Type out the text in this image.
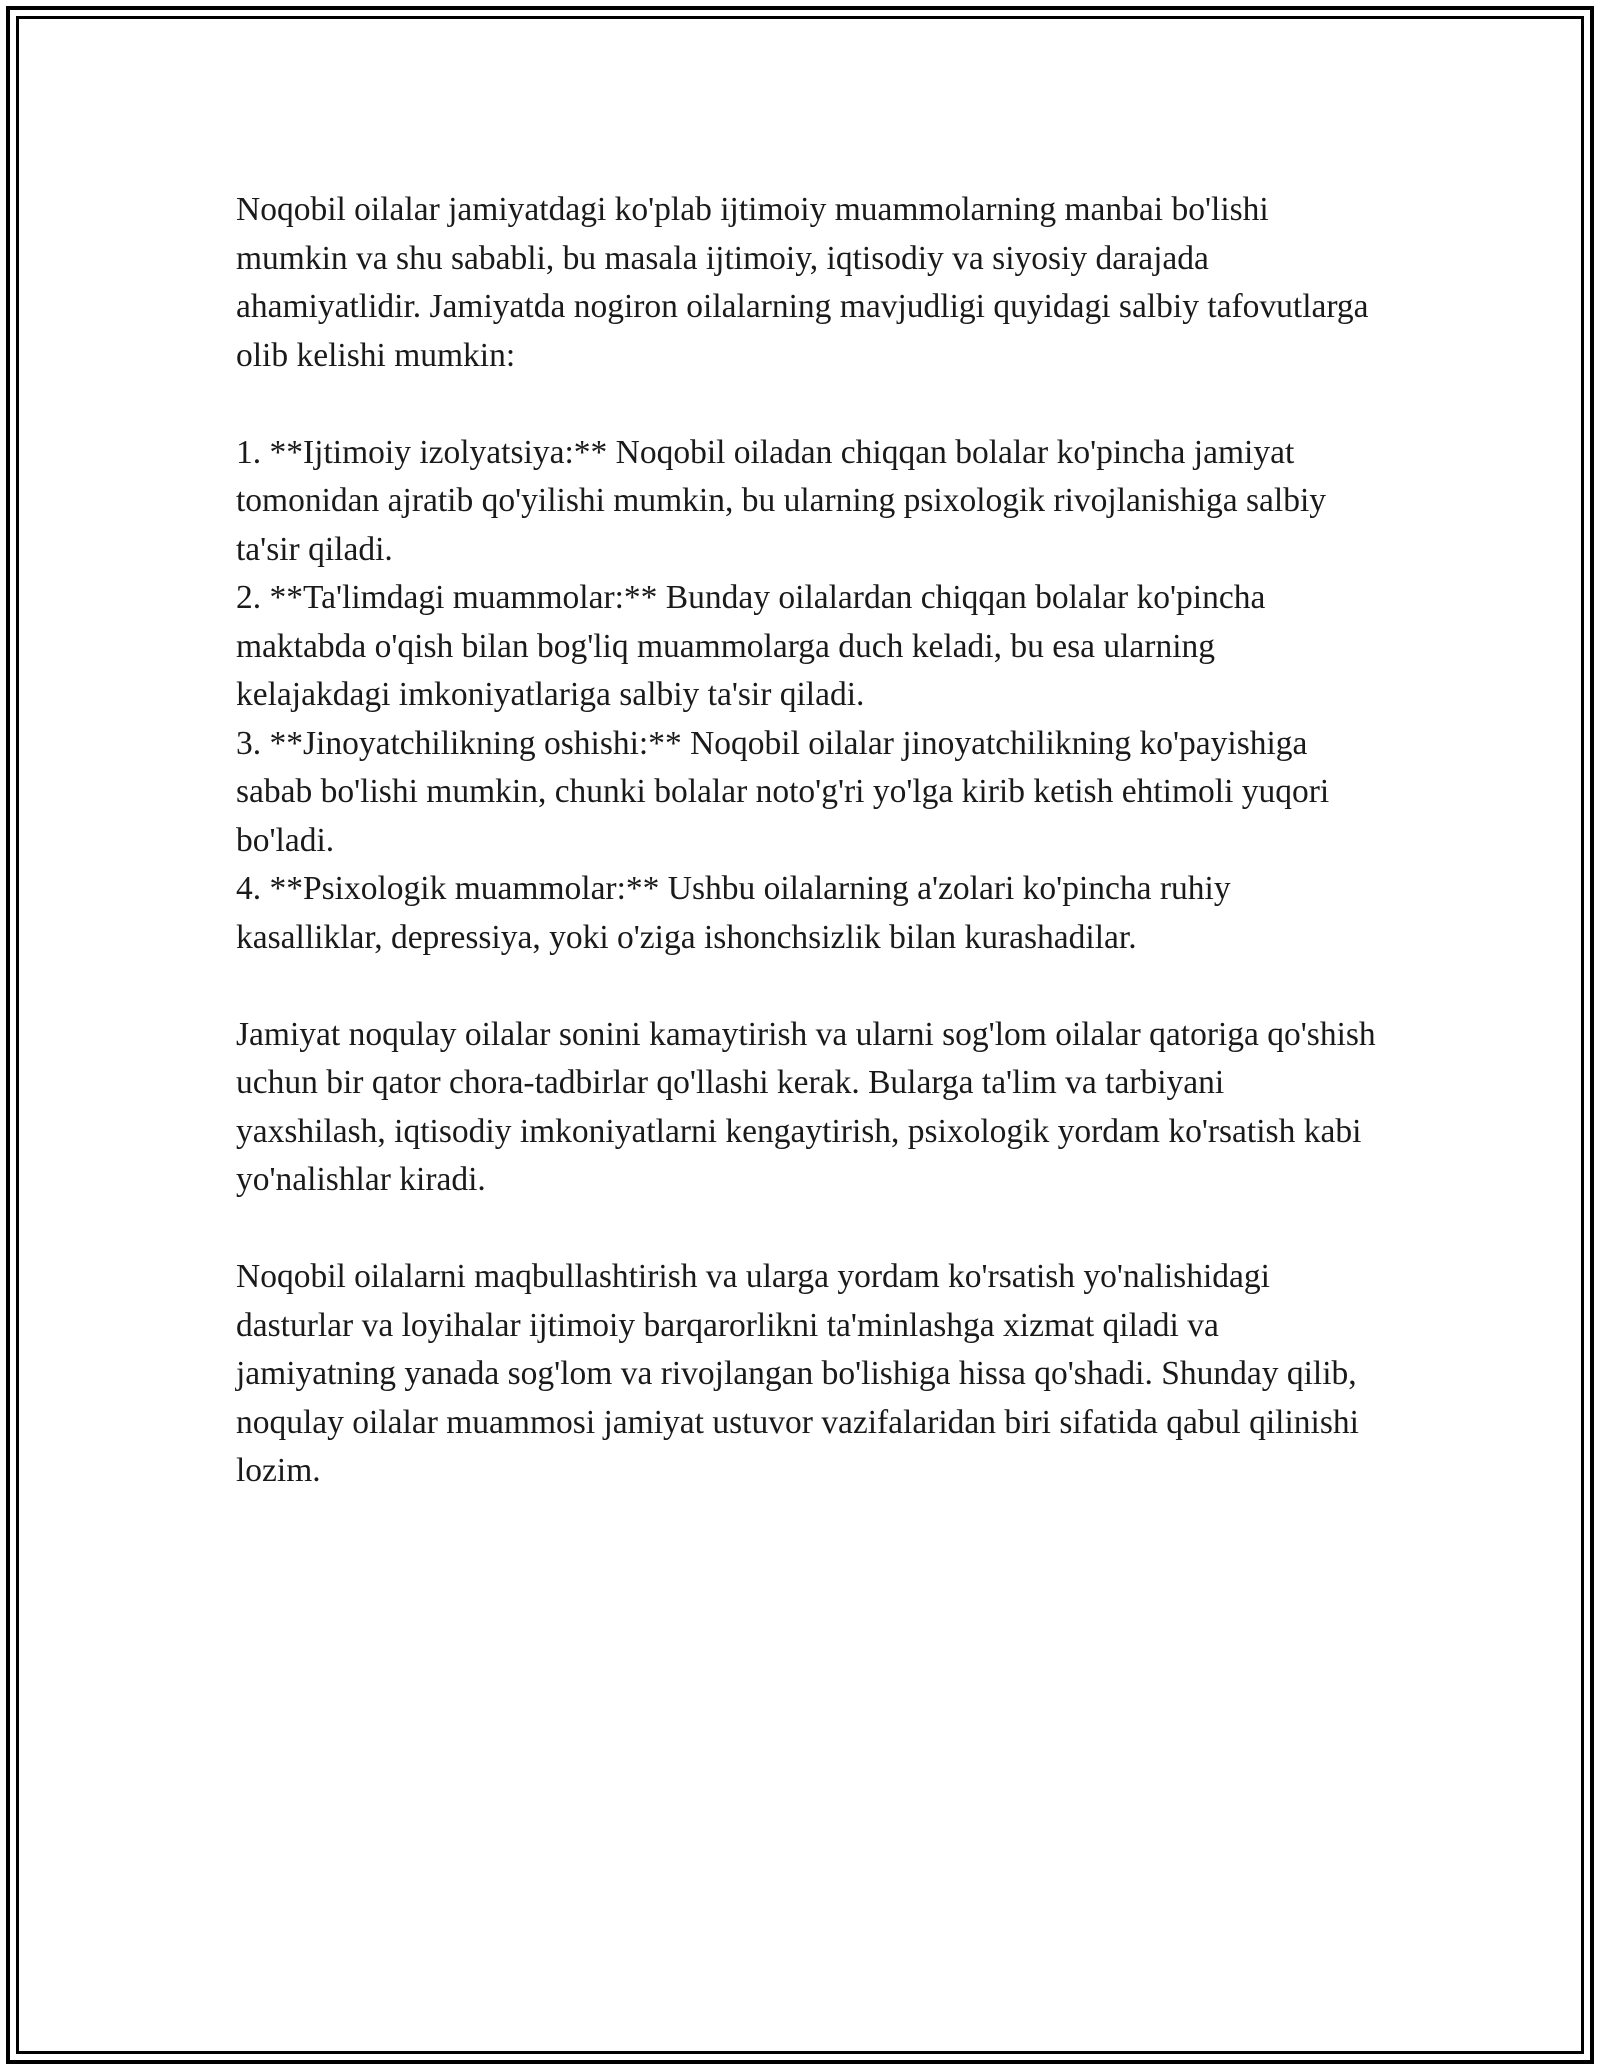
Noqobil oilalar jamiyatdagi ko'plab ijtimoiy muammolarning manbai bo'lishi mumkin va shu sababli, bu masala ijtimoiy, iqtisodiy va siyosiy darajada ahamiyatlidir. Jamiyatda nogiron oilalarning mavjudligi quyidagi salbiy tafovutlarga olib kelishi mumkin:

1. **Ijtimoiy izolyatsiya:** Noqobil oiladan chiqqan bolalar ko'pincha jamiyat tomonidan ajratib qo'yilishi mumkin, bu ularning psixologik rivojlanishiga salbiy ta'sir qiladi.

2. **Ta'limdagi muammolar:** Bunday oilalardan chiqqan bolalar ko'pincha maktabda o'qish bilan bog'liq muammolarga duch keladi, bu esa ularning kelajakdagi imkoniyatlariga salbiy ta'sir qiladi.

3. **Jinoyatchilikning oshishi:** Noqobil oilalar jinoyatchilikning ko'payishiga sabab bo'lishi mumkin, chunki bolalar noto'g'ri yo'lga kirib ketish ehtimoli yuqori bo'ladi.

4. **Psixologik muammolar:** Ushbu oilalarning a'zolari ko'pincha ruhiy kasalliklar, depressiya, yoki o'ziga ishonchsizlik bilan kurashadilar.

Jamiyat noqulay oilalar sonini kamaytirish va ularni sog'lom oilalar qatoriga qo'shish uchun bir qator chora-tadbirlar qo'llashi kerak. Bularga ta'lim va tarbiyani yaxshilash, iqtisodiy imkoniyatlarni kengaytirish, psixologik yordam ko'rsatish kabi yo'nalishlar kiradi.

Noqobil oilalarni maqbullashtirish va ularga yordam ko'rsatish yo'nalishidagi dasturlar va loyihalar ijtimoiy barqarorlikni ta'minlashga xizmat qiladi va jamiyatning yanada sog'lom va rivojlangan bo'lishiga hissa qo'shadi. Shunday qilib, noqulay oilalar muammosi jamiyat ustuvor vazifalaridan biri sifatida qabul qilinishi lozim.
